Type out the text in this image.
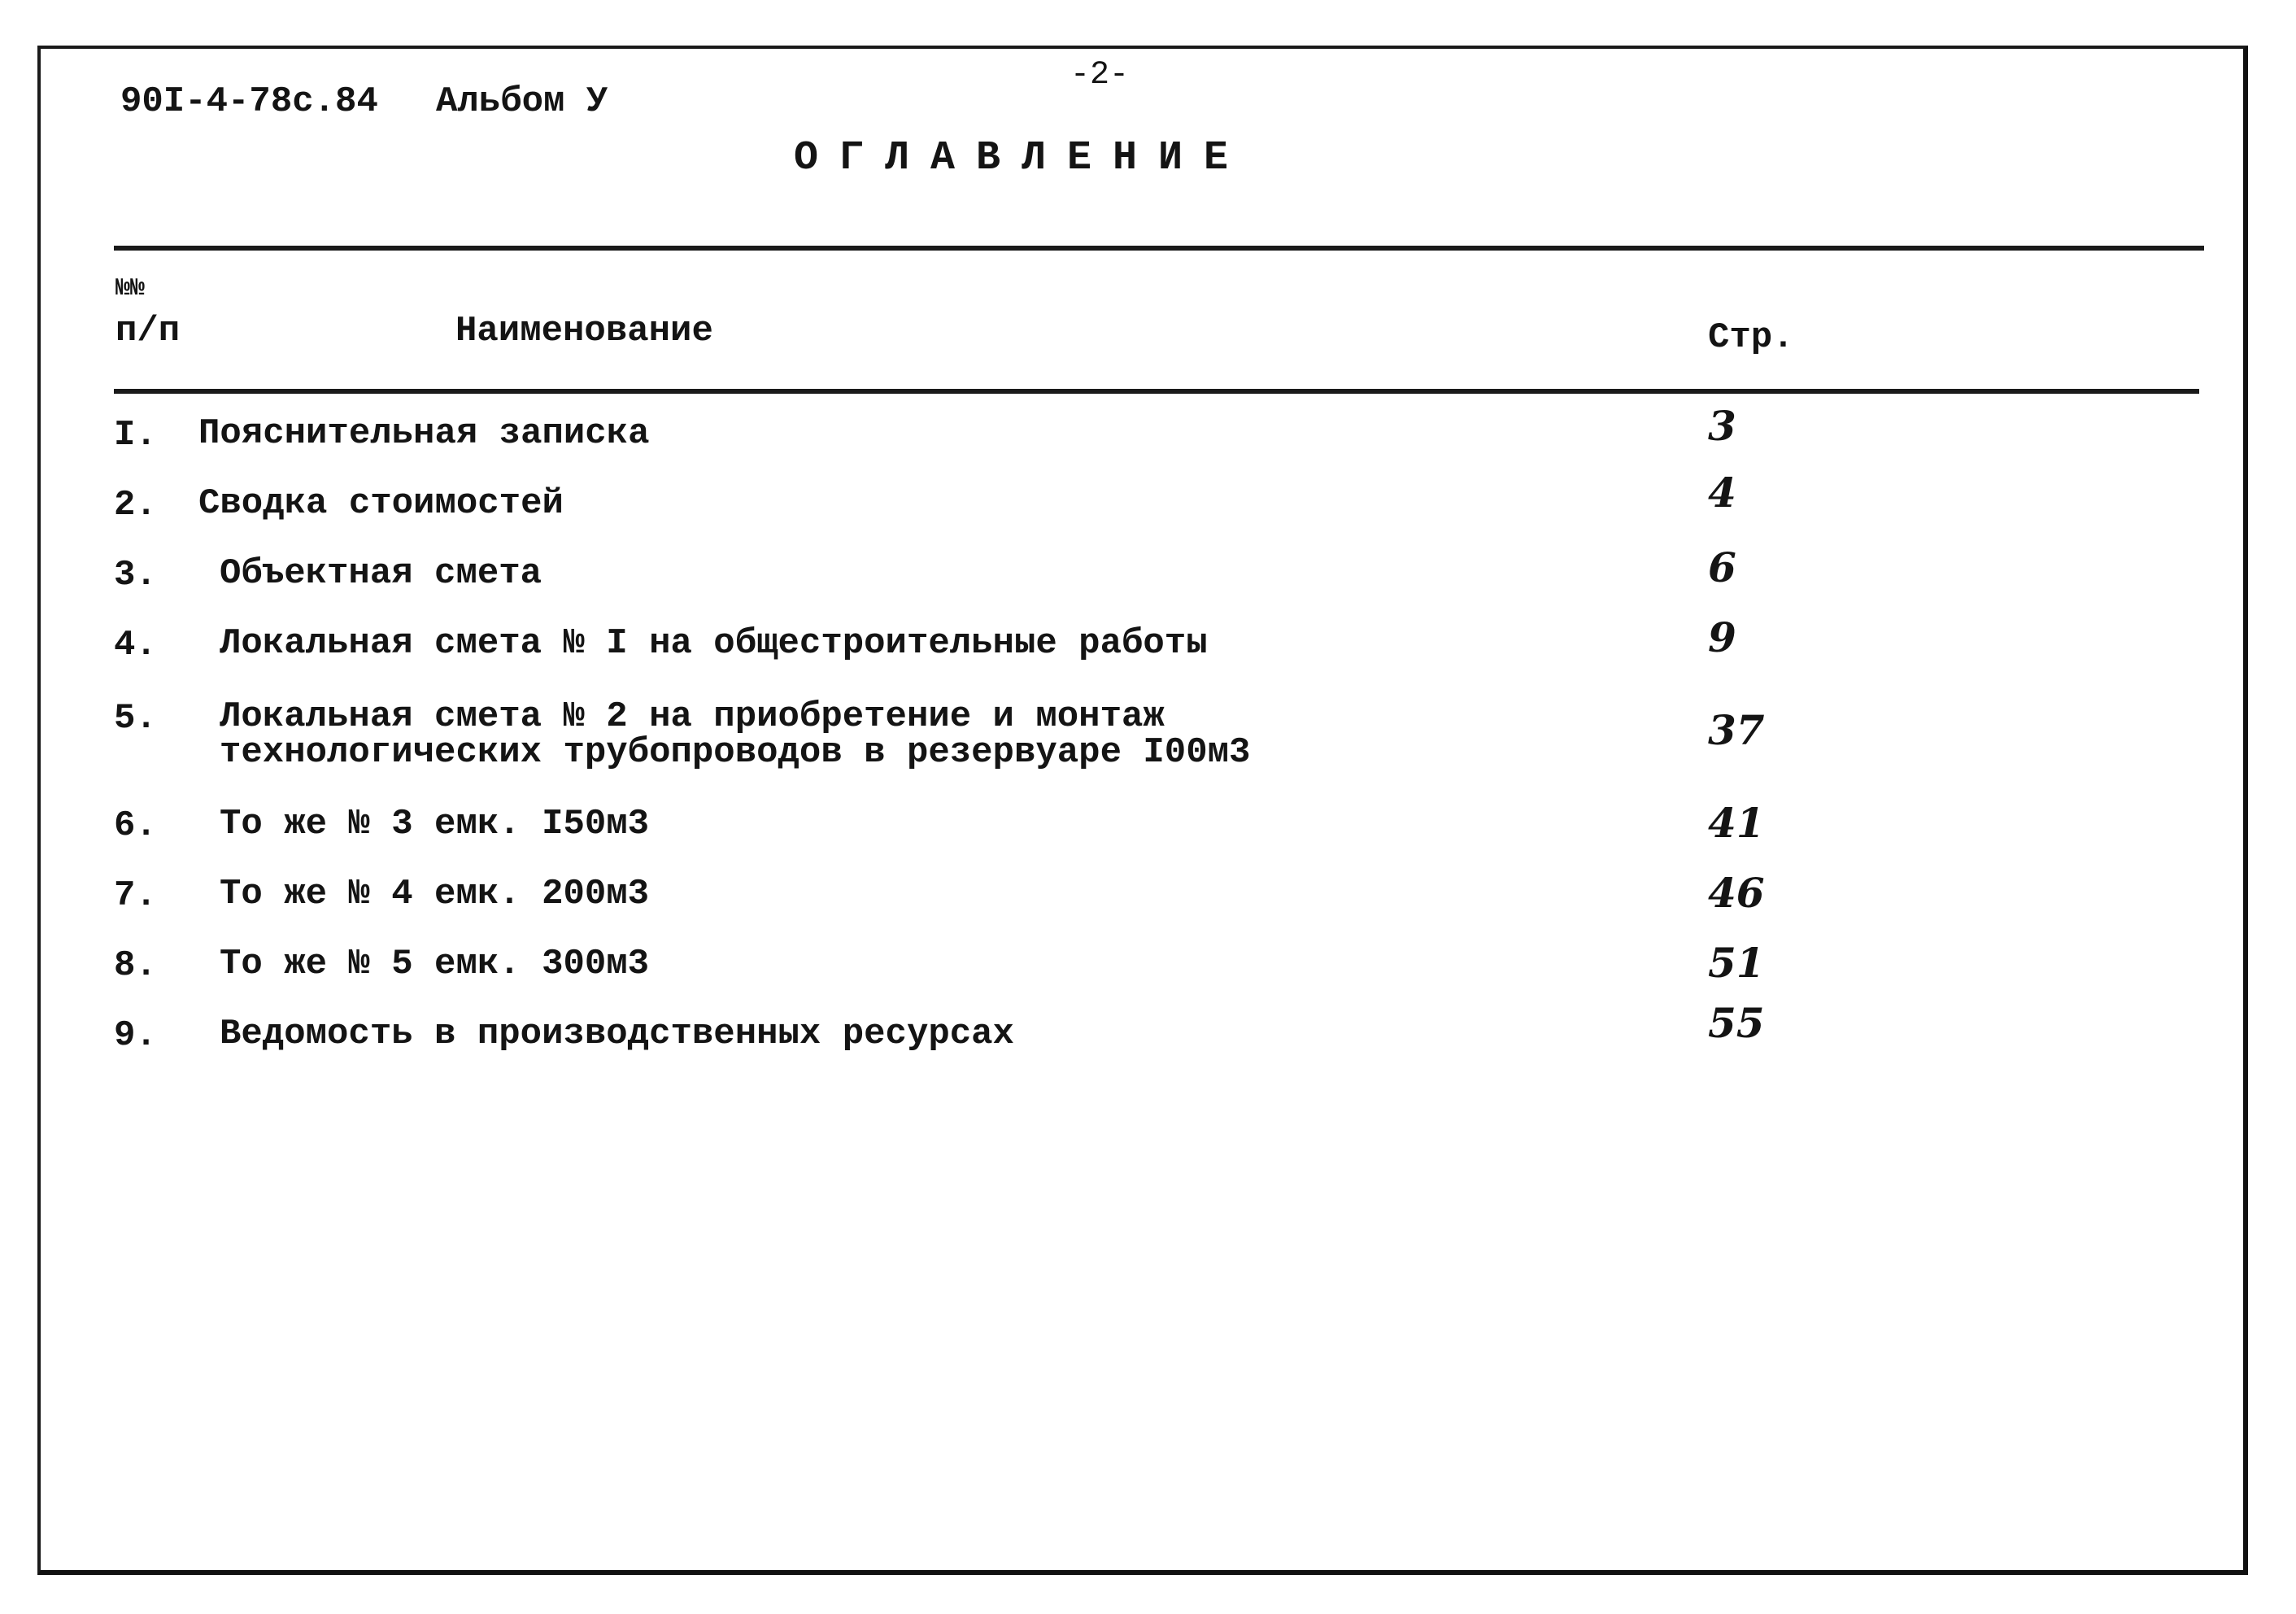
90I-4-78с.84 Альбом У
-2-
ОГЛАВЛЕНИЕ
№№
п/п	Наименование	Стр.
I. Пояснительная записка	3
2. Сводка стоимостей	4
3. Объектная смета	6
4. Локальная смета № I на общестроительные работы	9
5. Локальная смета № 2 на приобретение и монтаж
технологических трубопроводов в резервуаре I00м3	37
6. То же № 3 емк. I50м3	41
7. То же № 4 емк. 200м3	46
8. То же № 5 емк. 300м3	51
9. Ведомость в производственных ресурсах	55
